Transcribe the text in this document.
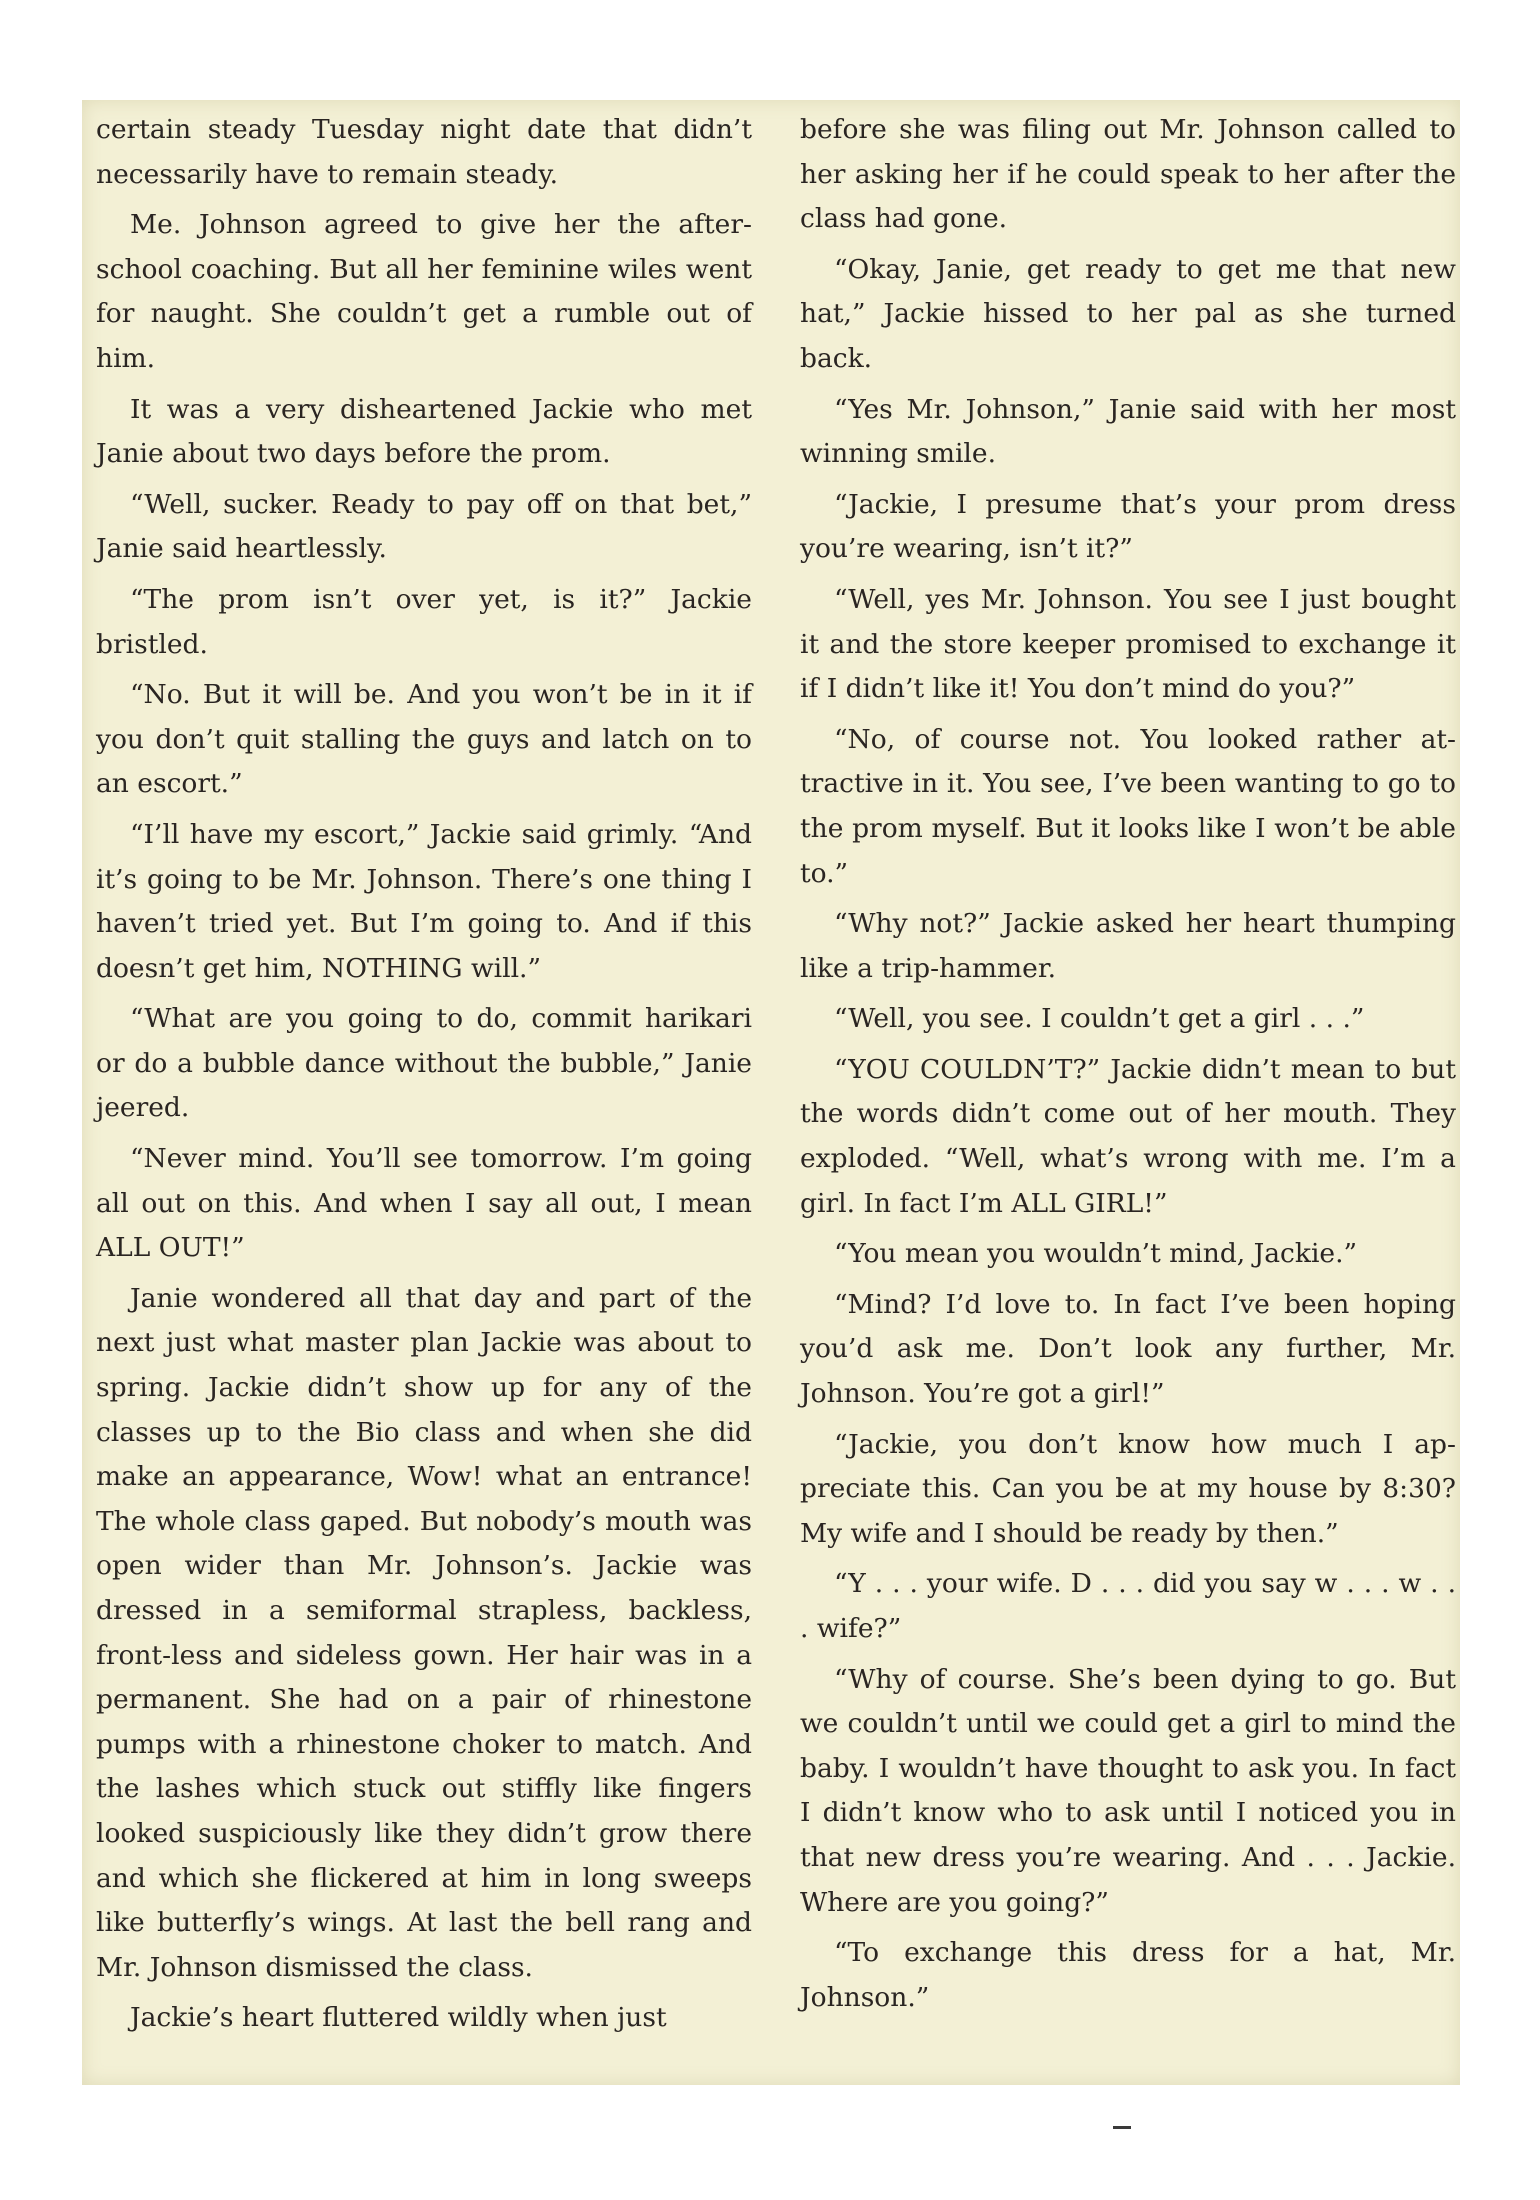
certain steady Tuesday night date that didn’t necessarily have to remain steady.

Me. Johnson agreed to give her the afterschool coaching. But all her feminine wiles went for naught. She couldn’t get a rumble out of him.

It was a very disheartened Jackie who met Janie about two days before the prom.

“Well, sucker. Ready to pay off on that bet,” Janie said heartlessly.

“The prom isn’t over yet, is it?” Jackie bristled.

“No. But it will be. And you won’t be in it if you don’t quit stalling the guys and latch on to an escort.”

“I’ll have my escort,” Jackie said grimly. “And it’s going to be Mr. Johnson. There’s one thing I haven’t tried yet. But I’m going to. And if this doesn’t get him, NOTHING will.”

“What are you going to do, commit harikari or do a bubble dance without the bubble,” Janie jeered.

“Never mind. You’ll see tomorrow. I’m going all out on this. And when I say all out, I mean ALL OUT!”

Janie wondered all that day and part of the next just what master plan Jackie was about to spring. Jackie didn’t show up for any of the classes up to the Bio class and when she did make an appearance, Wow! what an entrance! The whole class gaped. But nobody’s mouth was open wider than Mr. Johnson’s. Jackie was dressed in a semiformal strapless, backless, front-less and sideless gown. Her hair was in a permanent. She had on a pair of rhinestone pumps with a rhinestone choker to match. And the lashes which stuck out stiffly like fingers looked suspiciously like they didn’t grow there and which she flickered at him in long sweeps like butterfly’s wings. At last the bell rang and Mr. Johnson dismissed the class.

Jackie’s heart fluttered wildly when just

before she was filing out Mr. Johnson called to her asking her if he could speak to her after the class had gone.

“Okay, Janie, get ready to get me that new hat,” Jackie hissed to her pal as she turned back.

“Yes Mr. Johnson,” Janie said with her most winning smile.

“Jackie, I presume that’s your prom dress you’re wearing, isn’t it?”

“Well, yes Mr. Johnson. You see I just bought it and the store keeper promised to exchange it if I didn’t like it! You don’t mind do you?”

“No, of course not. You looked rather attractive in it. You see, I’ve been wanting to go to the prom myself. But it looks like I won’t be able to.”

“Why not?” Jackie asked her heart thumping like a trip-hammer.

“Well, you see. I couldn’t get a girl . . .”

“YOU COULDN’T?” Jackie didn’t mean to but the words didn’t come out of her mouth. They exploded. “Well, what’s wrong with me. I’m a girl. In fact I’m ALL GIRL!”

“You mean you wouldn’t mind, Jackie.”

“Mind? I’d love to. In fact I’ve been hoping you’d ask me. Don’t look any further, Mr. Johnson. You’re got a girl!”

“Jackie, you don’t know how much I appreciate this. Can you be at my house by 8:30? My wife and I should be ready by then.”

“Y . . . your wife. D . . . did you say w . . . w . . . wife?”

“Why of course. She’s been dying to go. But we couldn’t until we could get a girl to mind the baby. I wouldn’t have thought to ask you. In fact I didn’t know who to ask until I noticed you in that new dress you’re wearing. And . . . Jackie. Where are you going?”

“To exchange this dress for a hat, Mr. Johnson.”
